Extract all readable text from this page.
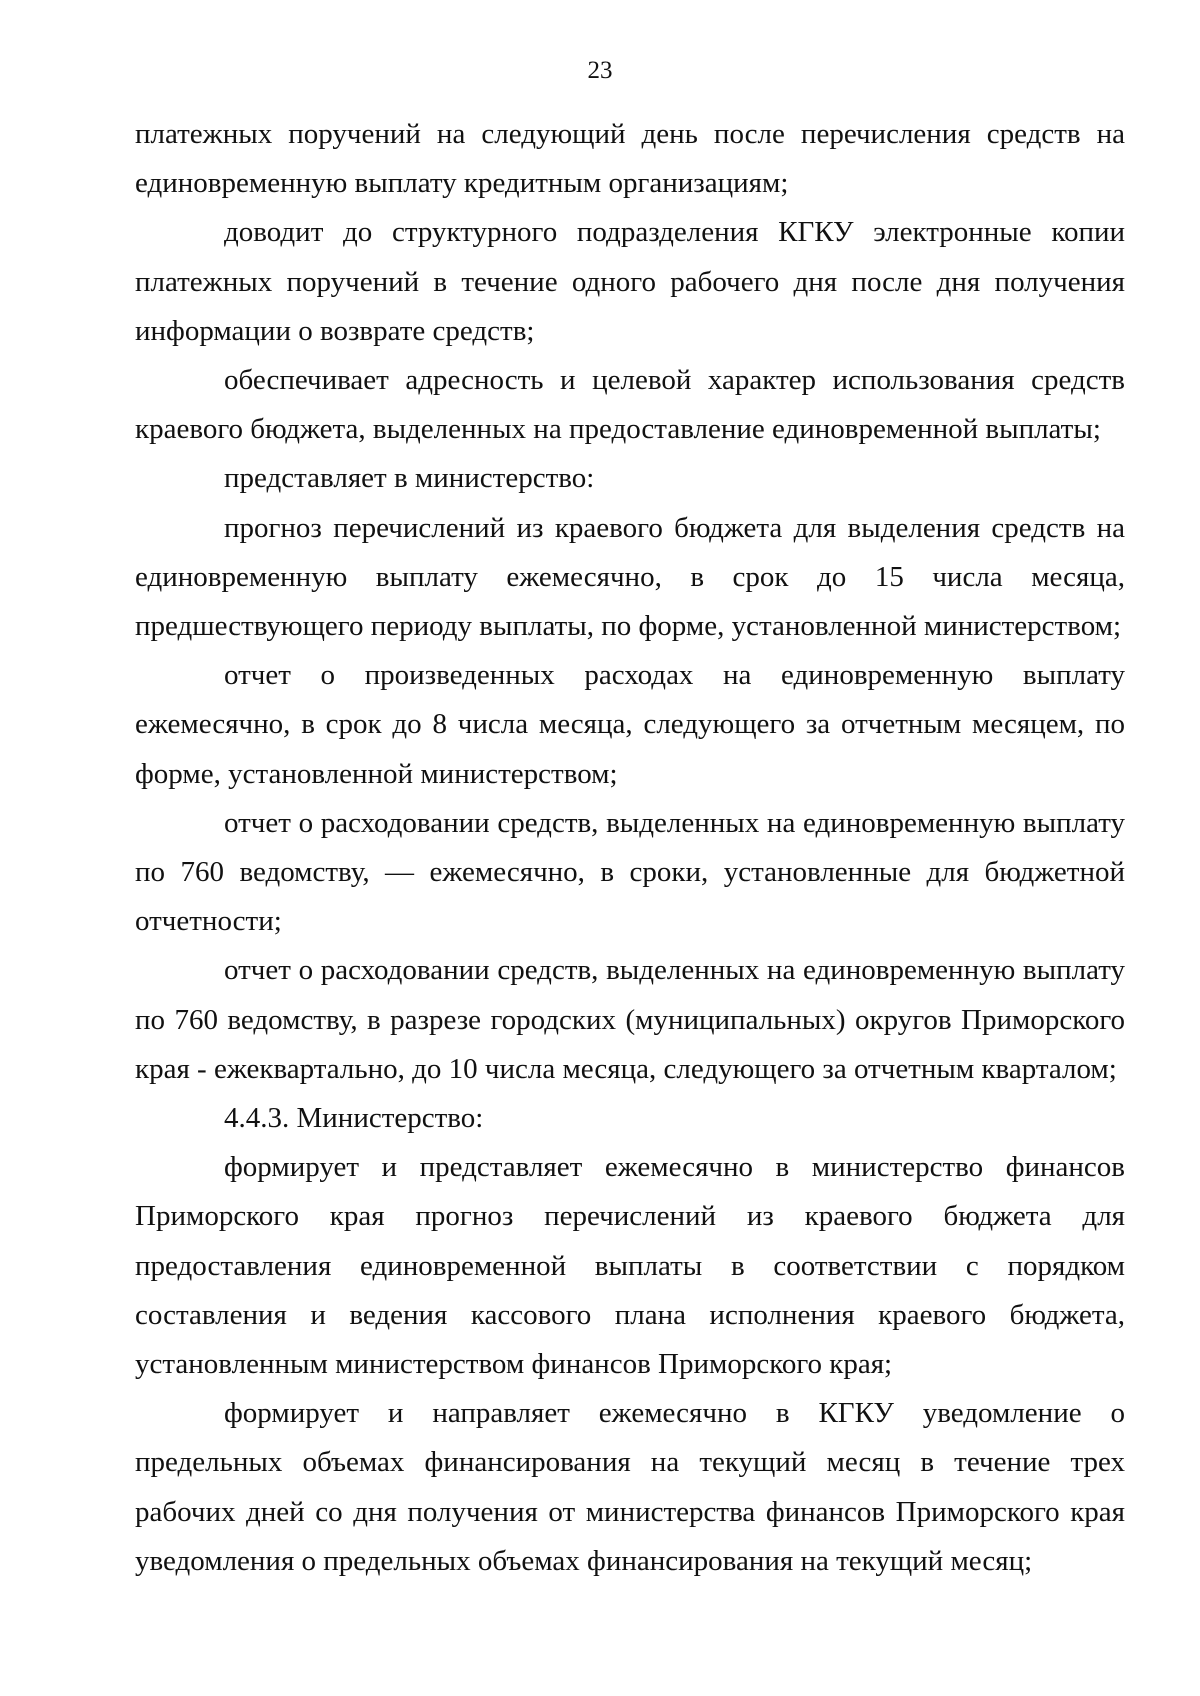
23

платежных поручений на следующий день после перечисления средств на единовременную выплату кредитным организациям;

доводит до структурного подразделения КГКУ электронные копии платежных поручений в течение одного рабочего дня после дня получения информации о возврате средств;

обеспечивает адресность и целевой характер использования средств краевого бюджета, выделенных на предоставление единовременной выплаты;

представляет в министерство:

прогноз перечислений из краевого бюджета для выделения средств на единовременную выплату ежемесячно, в срок до 15 числа месяца, предшествующего периоду выплаты, по форме, установленной министерством;

отчет о произведенных расходах на единовременную выплату ежемесячно, в срок до 8 числа месяца, следующего за отчетным месяцем, по форме, установленной министерством;

отчет о расходовании средств, выделенных на единовременную выплату по 760 ведомству, — ежемесячно, в сроки, установленные для бюджетной отчетности;

отчет о расходовании средств, выделенных на единовременную выплату по 760 ведомству, в разрезе городских (муниципальных) округов Приморского края - ежеквартально, до 10 числа месяца, следующего за отчетным кварталом;

4.4.3. Министерство:

формирует и представляет ежемесячно в министерство финансов Приморского края прогноз перечислений из краевого бюджета для предоставления единовременной выплаты в соответствии с порядком составления и ведения кассового плана исполнения краевого бюджета, установленным министерством финансов Приморского края;

формирует и направляет ежемесячно в КГКУ уведомление о предельных объемах финансирования на текущий месяц в течение трех рабочих дней со дня получения от министерства финансов Приморского края уведомления о предельных объемах финансирования на текущий месяц;
